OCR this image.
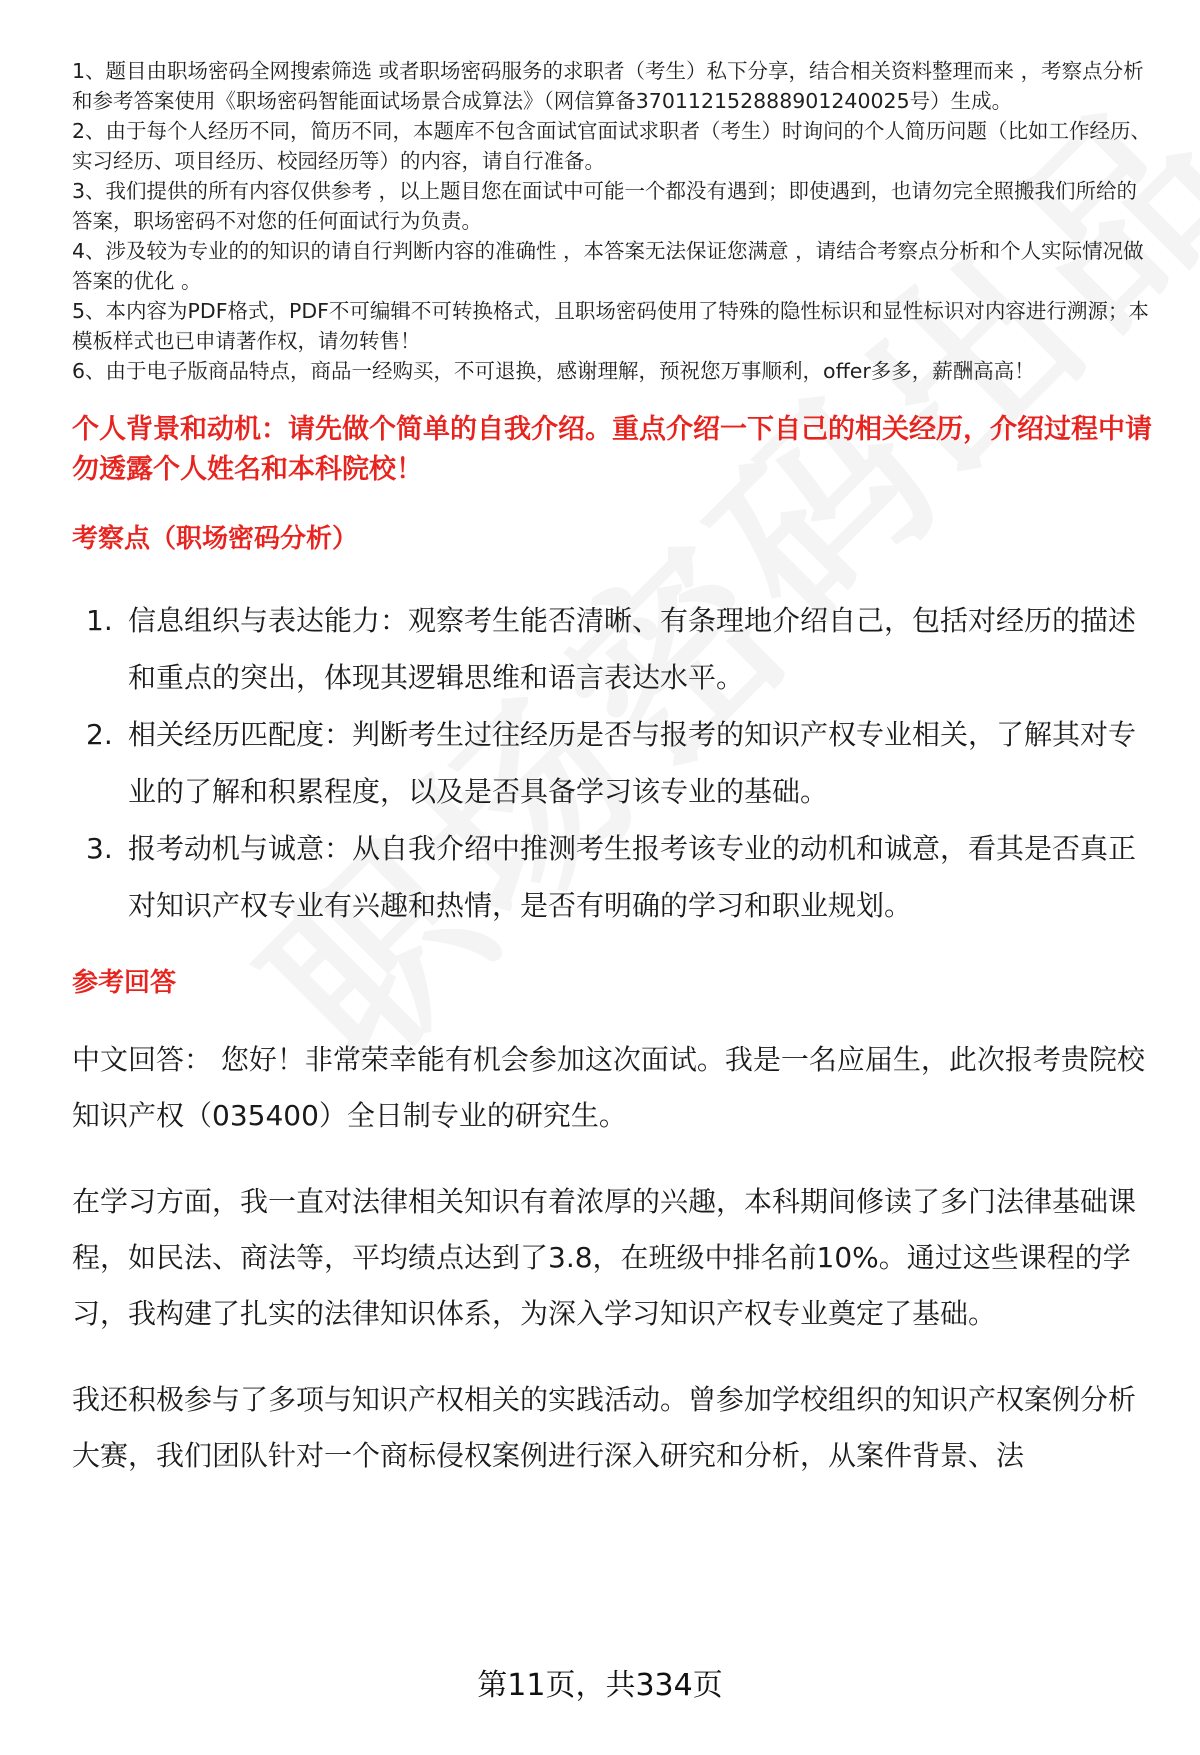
1、题目由职场密码全网搜索筛选 或者职场密码服务的求职者（考生）私下分享，结合相关资料整理而来 ，考察点分析和参考答案使用《职场密码智能面试场景合成算法》（网信算备370112152888901240025号）生成。

2、由于每个人经历不同，简历不同，本题库不包含面试官面试求职者（考生）时询问的个人简历问题（比如工作经历、实习经历、项目经历、校园经历等）的内容，请自行准备。

3、我们提供的所有内容仅供参考 ，以上题目您在面试中可能一个都没有遇到；即使遇到，也请勿完全照搬我们所给的答案，职场密码不对您的任何面试行为负责。

4、涉及较为专业的的知识的请自行判断内容的准确性 ，本答案无法保证您满意 ，请结合考察点分析和个人实际情况做答案的优化 。

5、本内容为PDF格式，PDF不可编辑不可转换格式，且职场密码使用了特殊的隐性标识和显性标识对内容进行溯源；本模板样式也已申请著作权，请勿转售！

6、由于电子版商品特点，商品一经购买，不可退换，感谢理解，预祝您万事顺利，offer多多，薪酬高高！

个人背景和动机：请先做个简单的自我介绍。重点介绍一下自己的相关经历，介绍过程中请勿透露个人姓名和本科院校！
考察点（职场密码分析）
1. 信息组织与表达能力：观察考生能否清晰、有条理地介绍自己，包括对经历的描述和重点的突出，体现其逻辑思维和语言表达水平。
2. 相关经历匹配度：判断考生过往经历是否与报考的知识产权专业相关，了解其对专业的了解和积累程度，以及是否具备学习该专业的基础。
3. 报考动机与诚意：从自我介绍中推测考生报考该专业的动机和诚意，看其是否真正对知识产权专业有兴趣和热情，是否有明确的学习和职业规划。
参考回答

中文回答： 您好！非常荣幸能有机会参加这次面试。我是一名应届生，此次报考贵院校知识产权（035400）全日制专业的研究生。

在学习方面，我一直对法律相关知识有着浓厚的兴趣，本科期间修读了多门法律基础课程，如民法、商法等，平均绩点达到了3.8，在班级中排名前10%。通过这些课程的学习，我构建了扎实的法律知识体系，为深入学习知识产权专业奠定了基础。

我还积极参与了多项与知识产权相关的实践活动。曾参加学校组织的知识产权案例分析大赛，我们团队针对一个商标侵权案例进行深入研究和分析，从案件背景、法

第11页，共334页
